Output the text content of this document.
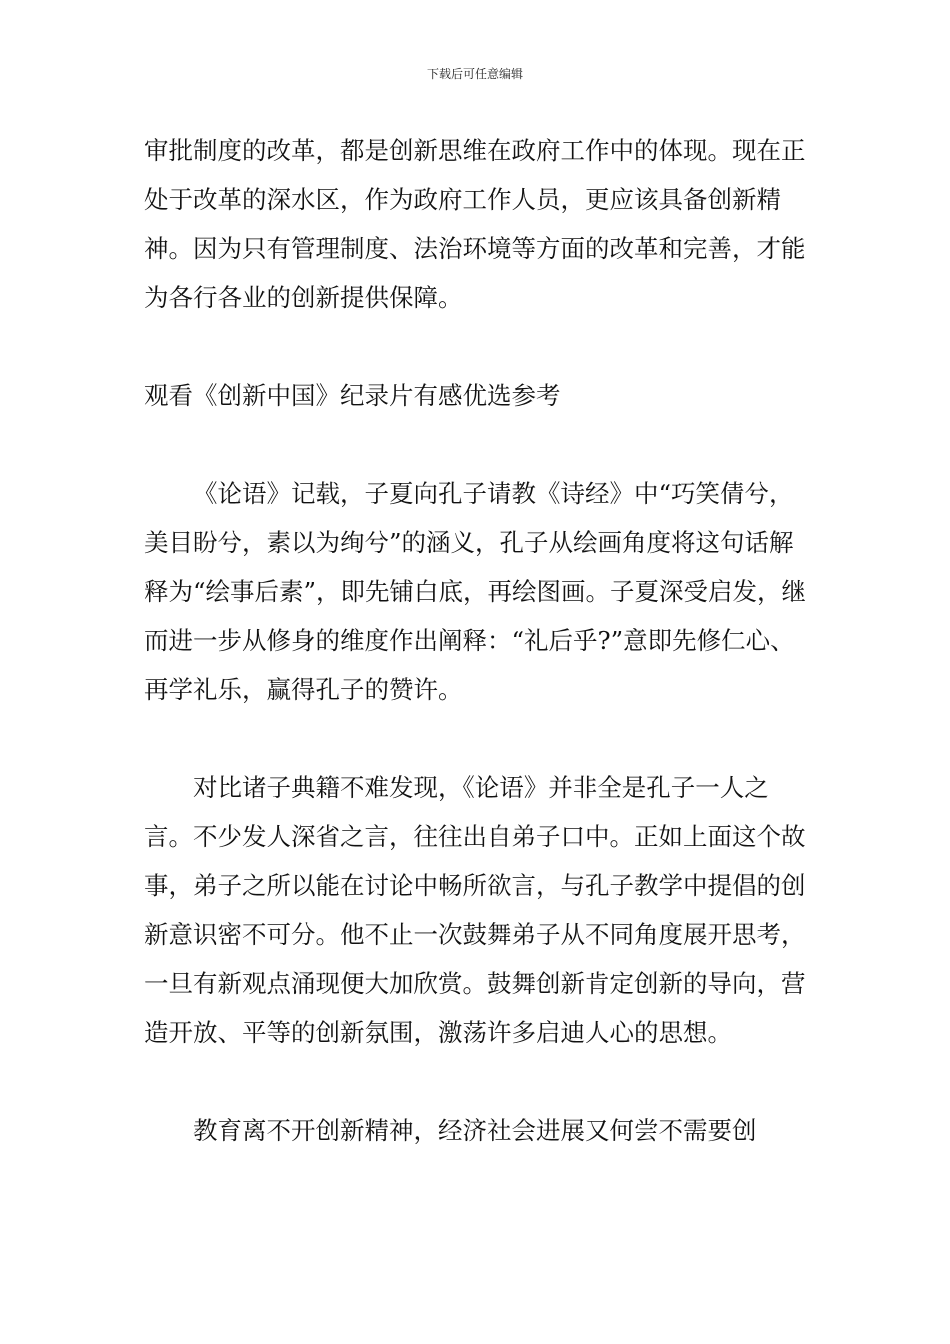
下载后可任意编辑

审批制度的改革，都是创新思维在政府工作中的体现。现在正处于改革的深水区，作为政府工作人员，更应该具备创新精神。因为只有管理制度、法治环境等方面的改革和完善，才能为各行各业的创新提供保障。

观看《创新中国》纪录片有感优选参考

《论语》记载，子夏向孔子请教《诗经》中“巧笑倩兮，美目盼兮，素以为绚兮”的涵义，孔子从绘画角度将这句话解释为“绘事后素”，即先铺白底，再绘图画。子夏深受启发，继而进一步从修身的维度作出阐释：“礼后乎?”意即先修仁心、再学礼乐，赢得孔子的赞许。

对比诸子典籍不难发现，《论语》并非全是孔子一人之言。不少发人深省之言，往往出自弟子口中。正如上面这个故事，弟子之所以能在讨论中畅所欲言，与孔子教学中提倡的创新意识密不可分。他不止一次鼓舞弟子从不同角度展开思考，一旦有新观点涌现便大加欣赏。鼓舞创新肯定创新的导向，营造开放、平等的创新氛围，激荡许多启迪人心的思想。

教育离不开创新精神，经济社会进展又何尝不需要创
